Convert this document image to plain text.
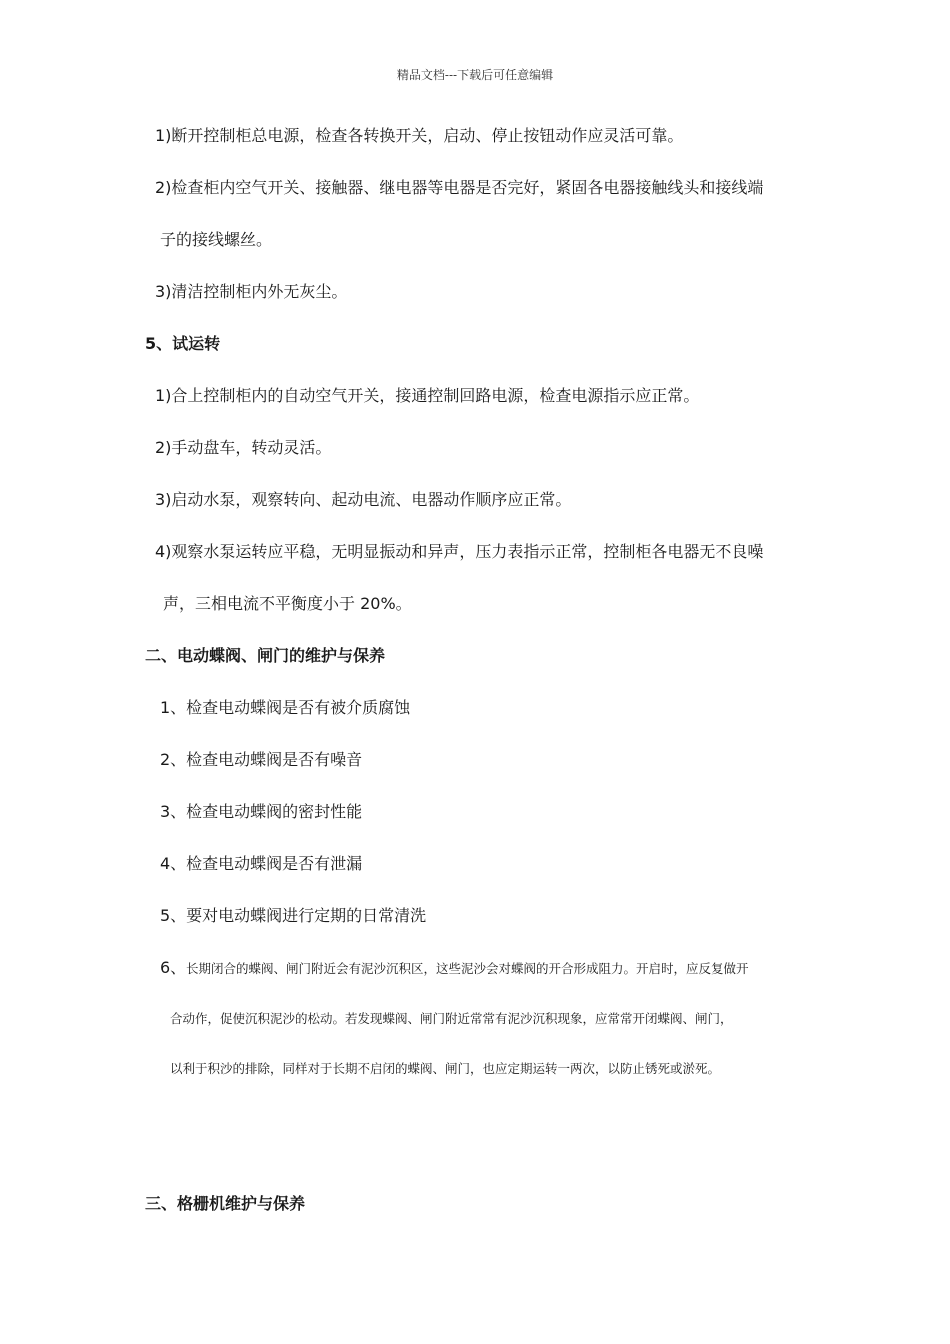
精品文档---下载后可任意编辑
1)断开控制柜总电源，检查各转换开关，启动、停止按钮动作应灵活可靠。
2)检查柜内空气开关、接触器、继电器等电器是否完好，紧固各电器接触线头和接线端
子的接线螺丝。
3)清洁控制柜内外无灰尘。
5、试运转
1)合上控制柜内的自动空气开关，接通控制回路电源，检查电源指示应正常。
2)手动盘车，转动灵活。
3)启动水泵，观察转向、起动电流、电器动作顺序应正常。
4)观察水泵运转应平稳，无明显振动和异声，压力表指示正常，控制柜各电器无不良噪
声，三相电流不平衡度小于 20%。
二、电动蝶阀、闸门的维护与保养
1、检查电动蝶阀是否有被介质腐蚀
2、检查电动蝶阀是否有噪音
3、检查电动蝶阀的密封性能
4、检查电动蝶阀是否有泄漏
5、要对电动蝶阀进行定期的日常清洗
6、 长期闭合的蝶阀、闸门附近会有泥沙沉积区，这些泥沙会对蝶阀的开合形成阻力。开启时，应反复做开
合动作，促使沉积泥沙的松动。若发现蝶阀、闸门附近常常有泥沙沉积现象，应常常开闭蝶阀、闸门，
以利于积沙的排除，同样对于长期不启闭的蝶阀、闸门，也应定期运转一两次，以防止锈死或淤死。
三、格栅机维护与保养
